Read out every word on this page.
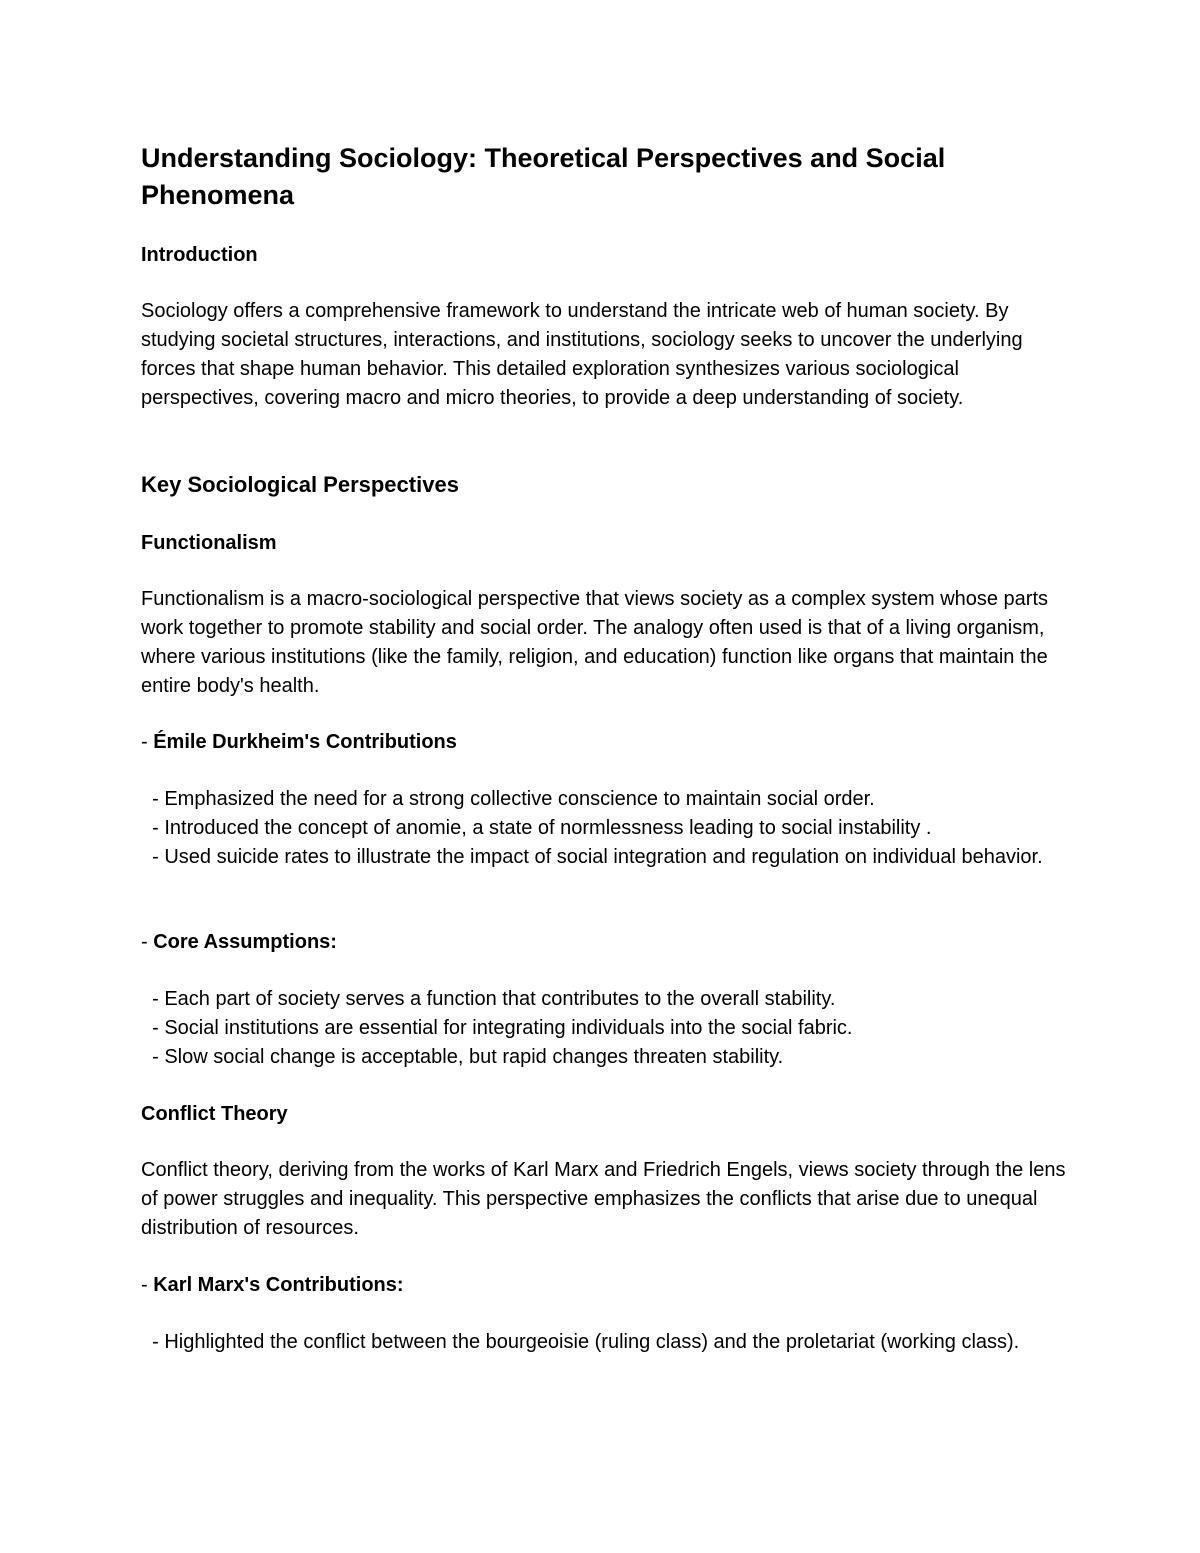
Understanding Sociology: Theoretical Perspectives and Social Phenomena
Introduction

Sociology offers a comprehensive framework to understand the intricate web of human society. By studying societal structures, interactions, and institutions, sociology seeks to uncover the underlying forces that shape human behavior. This detailed exploration synthesizes various sociological perspectives, covering macro and micro theories, to provide a deep understanding of society.

Key Sociological Perspectives
Functionalism

Functionalism is a macro-sociological perspective that views society as a complex system whose parts work together to promote stability and social order. The analogy often used is that of a living organism, where various institutions (like the family, religion, and education) function like organs that maintain the entire body's health.

- Émile Durkheim's Contributions

- Emphasized the need for a strong collective conscience to maintain social order.

- Introduced the concept of anomie, a state of normlessness leading to social instability .

- Used suicide rates to illustrate the impact of social integration and regulation on individual behavior.

- Core Assumptions:

- Each part of society serves a function that contributes to the overall stability.

- Social institutions are essential for integrating individuals into the social fabric.

- Slow social change is acceptable, but rapid changes threaten stability.

Conflict Theory

Conflict theory, deriving from the works of Karl Marx and Friedrich Engels, views society through the lens of power struggles and inequality. This perspective emphasizes the conflicts that arise due to unequal distribution of resources.

- Karl Marx's Contributions:

- Highlighted the conflict between the bourgeoisie (ruling class) and the proletariat (working class).
